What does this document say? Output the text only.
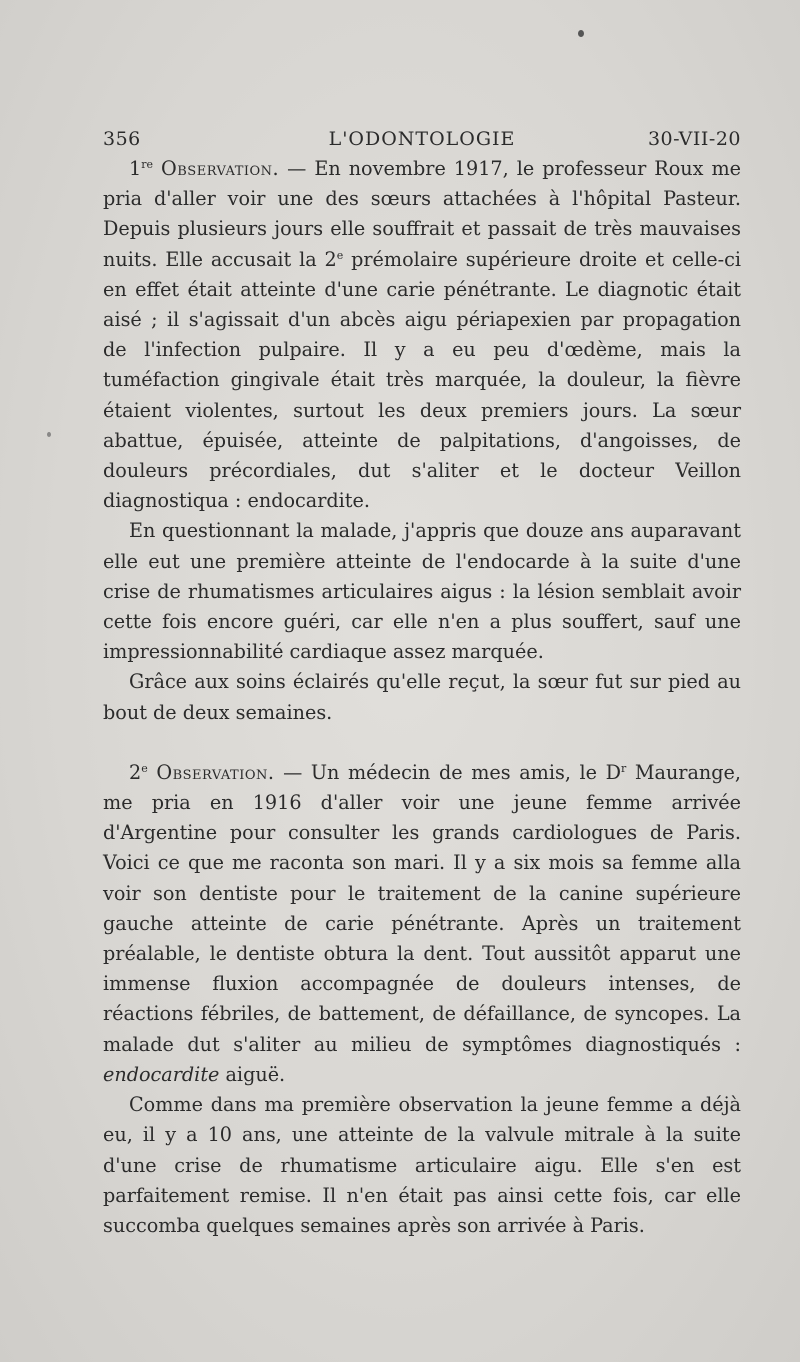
356	L'ODONTOLOGIE	30-VII-20

1re Observation. — En novembre 1917, le professeur Roux me pria d'aller voir une des sœurs attachées à l'hôpital Pasteur. Depuis plusieurs jours elle souffrait et passait de très mauvaises nuits. Elle accusait la 2e prémolaire supérieure droite et celle-ci en effet était atteinte d'une carie pénétrante. Le diagnotic était aisé ; il s'agissait d'un abcès aigu périapexien par propagation de l'infection pulpaire. Il y a eu peu d'œdème, mais la tuméfaction gingivale était très marquée, la douleur, la fièvre étaient violentes, surtout les deux premiers jours. La sœur abattue, épuisée, atteinte de palpitations, d'angoisses, de douleurs précordiales, dut s'aliter et le docteur Veillon diagnostiqua : endocardite.

En questionnant la malade, j'appris que douze ans auparavant elle eut une première atteinte de l'endocarde à la suite d'une crise de rhumatismes articulaires aigus : la lésion semblait avoir cette fois encore guéri, car elle n'en a plus souffert, sauf une impressionnabilité cardiaque assez marquée.

Grâce aux soins éclairés qu'elle reçut, la sœur fut sur pied au bout de deux semaines.

2e Observation. — Un médecin de mes amis, le $D^r$ Maurange, me pria en 1916 d'aller voir une jeune femme arrivée d'Argentine pour consulter les grands cardiologues de Paris. Voici ce que me raconta son mari. Il y a six mois sa femme alla voir son dentiste pour le traitement de la canine supérieure gauche atteinte de carie pénétrante. Après un traitement préalable, le dentiste obtura la dent. Tout aussitôt apparut une immense fluxion accompagnée de douleurs intenses, de réactions fébriles, de battement, de défaillance, de syncopes. La malade dut s'aliter au milieu de symptômes diagnostiqués : endocardite aiguë.

Comme dans ma première observation la jeune femme a déjà eu, il y a 10 ans, une atteinte de la valvule mitrale à la suite d'une crise de rhumatisme articulaire aigu. Elle s'en est parfaitement remise. Il n'en était pas ainsi cette fois, car elle succomba quelques semaines après son arrivée à Paris.
